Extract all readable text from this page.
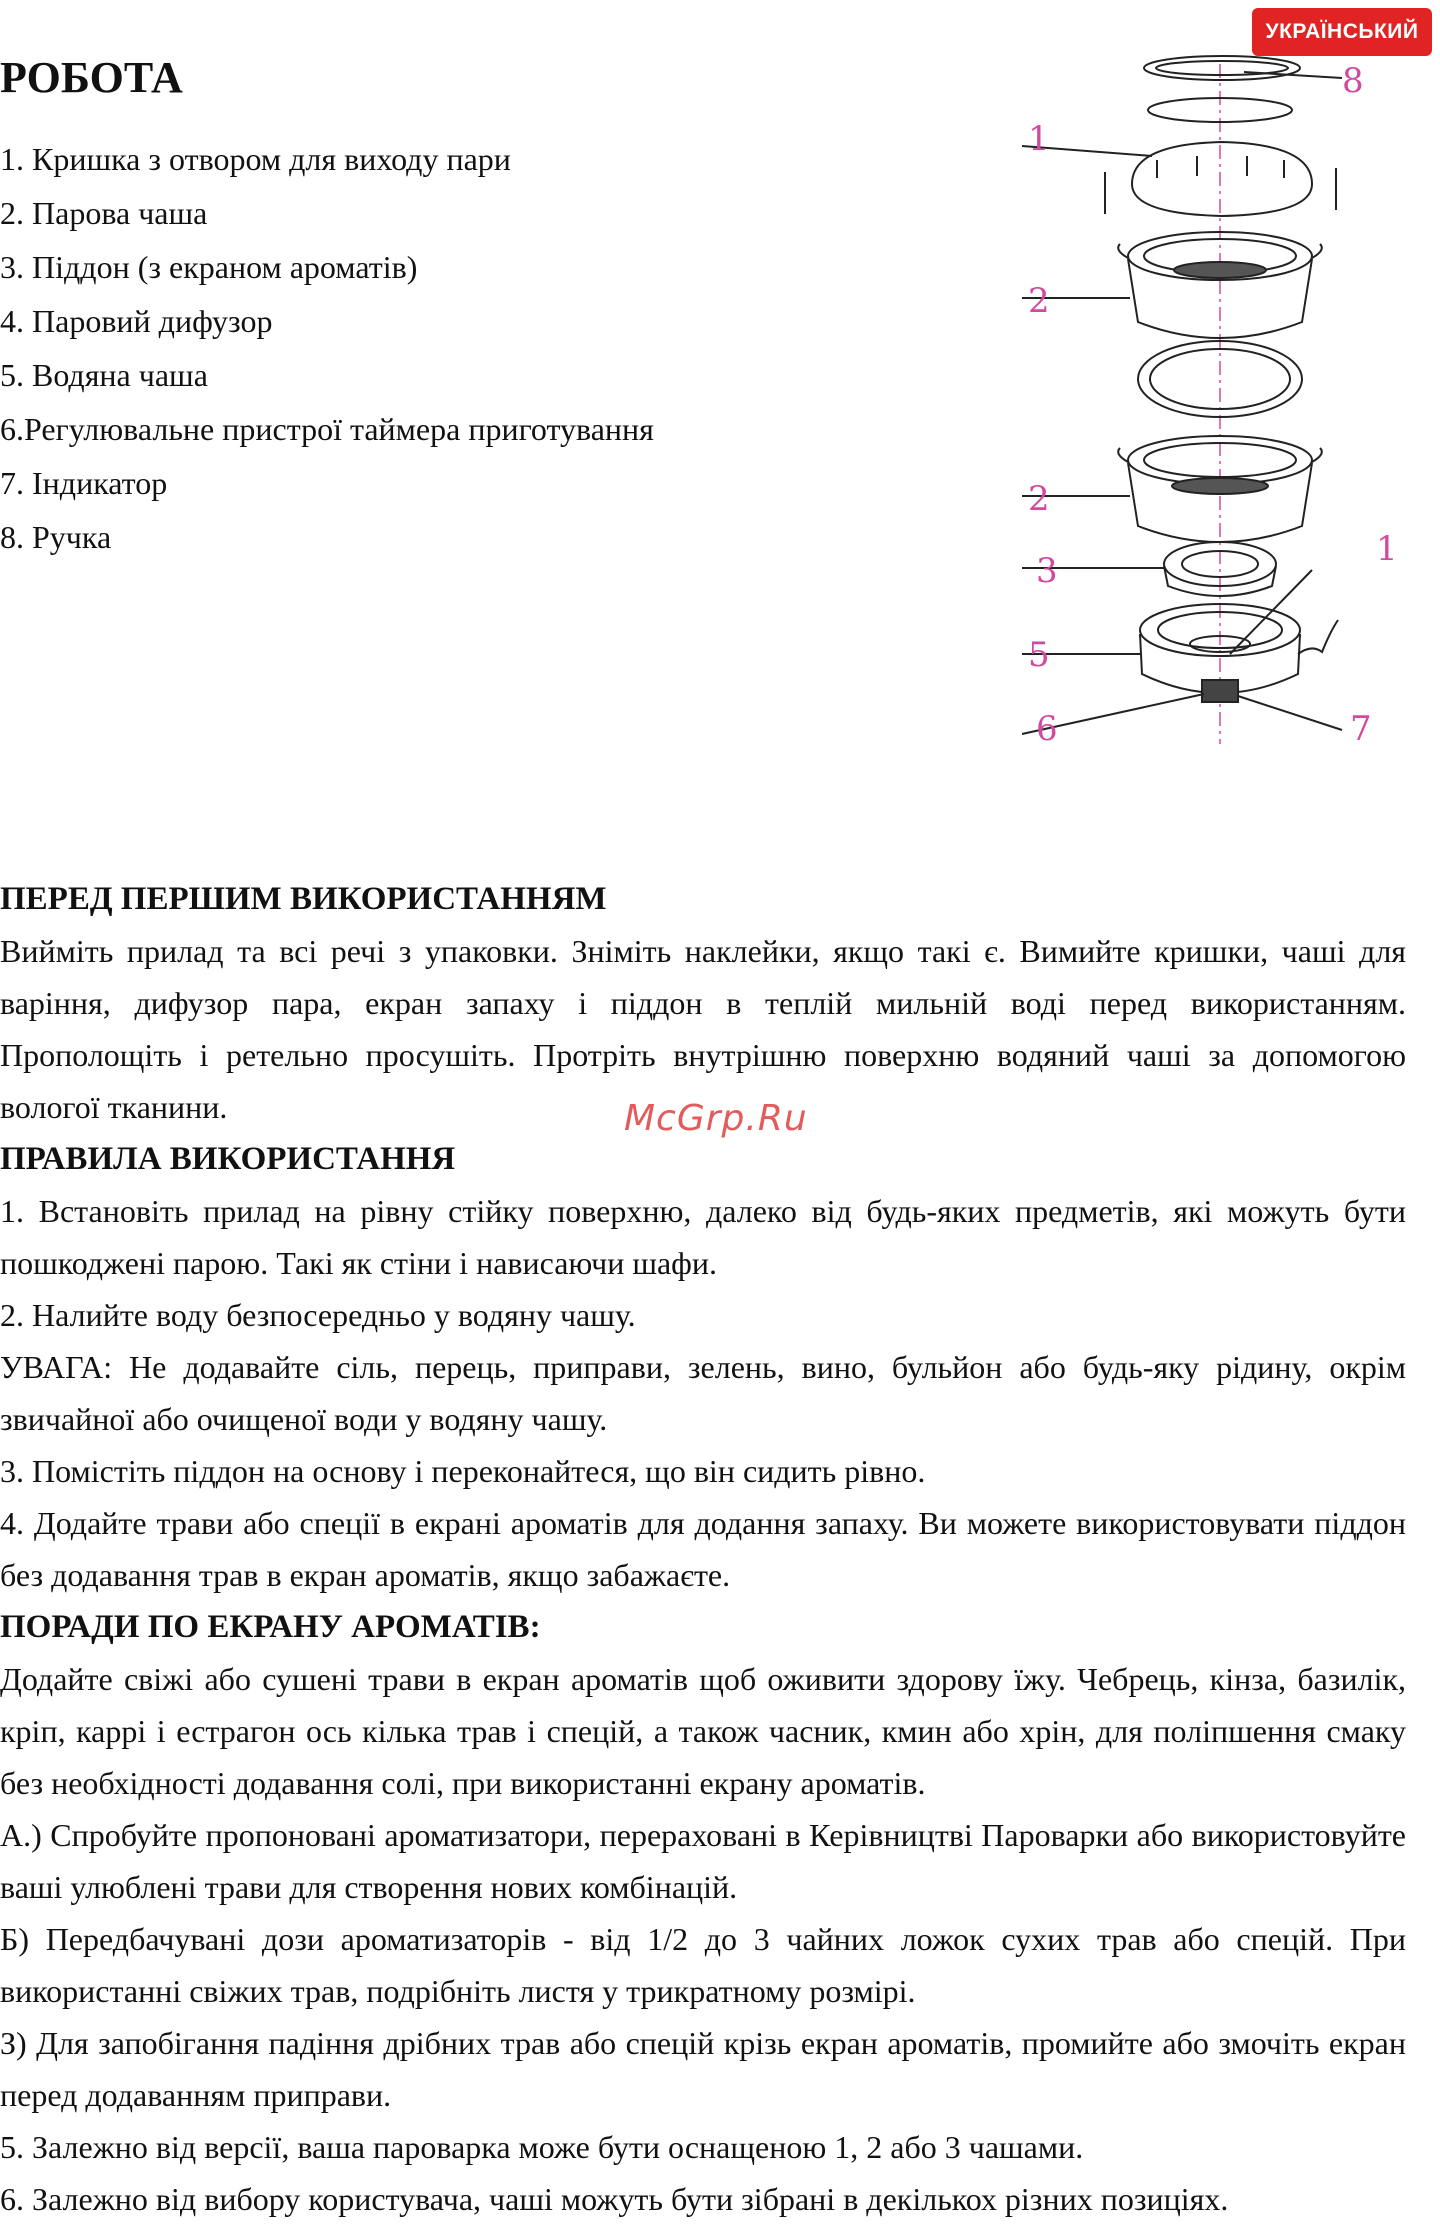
УКРАЇНСЬКИЙ
РОБОТА
1. Кришка з отвором для виходу пари
2. Парова чаша
3. Піддон (з екраном ароматів)
4. Паровий дифузор
5. Водяна чаша
6.Регулювальне пристрої таймера приготування
7. Індикатор
8. Ручка
8
1
2
2
3
1
5
6	7
McGrp.Ru
ПЕРЕД ПЕРШИМ ВИКОРИСТАННЯМ

Вийміть прилад та всі речі з упаковки. Зніміть наклейки, якщо такі є. Вимийте кришки, чаші для варіння, дифузор пара, екран запаху і піддон в теплій мильній воді перед використанням. Прополощіть і ретельно просушіть. Протріть внутрішню поверхню водяний чаші за допомогою вологої тканини.

ПРАВИЛА ВИКОРИСТАННЯ

1. Встановіть прилад на рівну стійку поверхню, далеко від будь-яких предметів, які можуть бути пошкоджені парою. Такі як стіни і нависаючи шафи.

2. Налийте воду безпосередньо у водяну чашу.

УВАГА: Не додавайте сіль, перець, приправи, зелень, вино, бульйон або будь-яку рідину, окрім звичайної або очищеної води у водяну чашу.

3. Помістіть піддон на основу і переконайтеся, що він сидить рівно.

4. Додайте трави або спеції в екрані ароматів для додання запаху. Ви можете використовувати піддон без додавання трав в екран ароматів, якщо забажаєте.

ПОРАДИ ПО ЕКРАНУ АРОМАТІВ:

Додайте свіжі або сушені трави в екран ароматів щоб оживити здорову їжу. Чебрець, кінза, базилік, кріп, каррі і естрагон ось кілька трав і спецій, а також часник, кмин або хрін, для поліпшення смаку без необхідності додавання солі, при використанні екрану ароматів.

А.) Спробуйте пропоновані ароматизатори, перераховані в Керівництві Пароварки або використовуйте ваші улюблені трави для створення нових комбінацій.

Б) Передбачувані дози ароматизаторів - від 1/2 до 3 чайних ложок сухих трав або спецій. При використанні свіжих трав, подрібніть листя у трикратному розмірі.

З) Для запобігання падіння дрібних трав або спецій крізь екран ароматів, промийте або змочіть екран перед додаванням приправи.

5. Залежно від версії, ваша пароварка може бути оснащеною 1, 2 або 3 чашами.

6. Залежно від вибору користувача, чаші можуть бути зібрані в декількох різних позиціях.
